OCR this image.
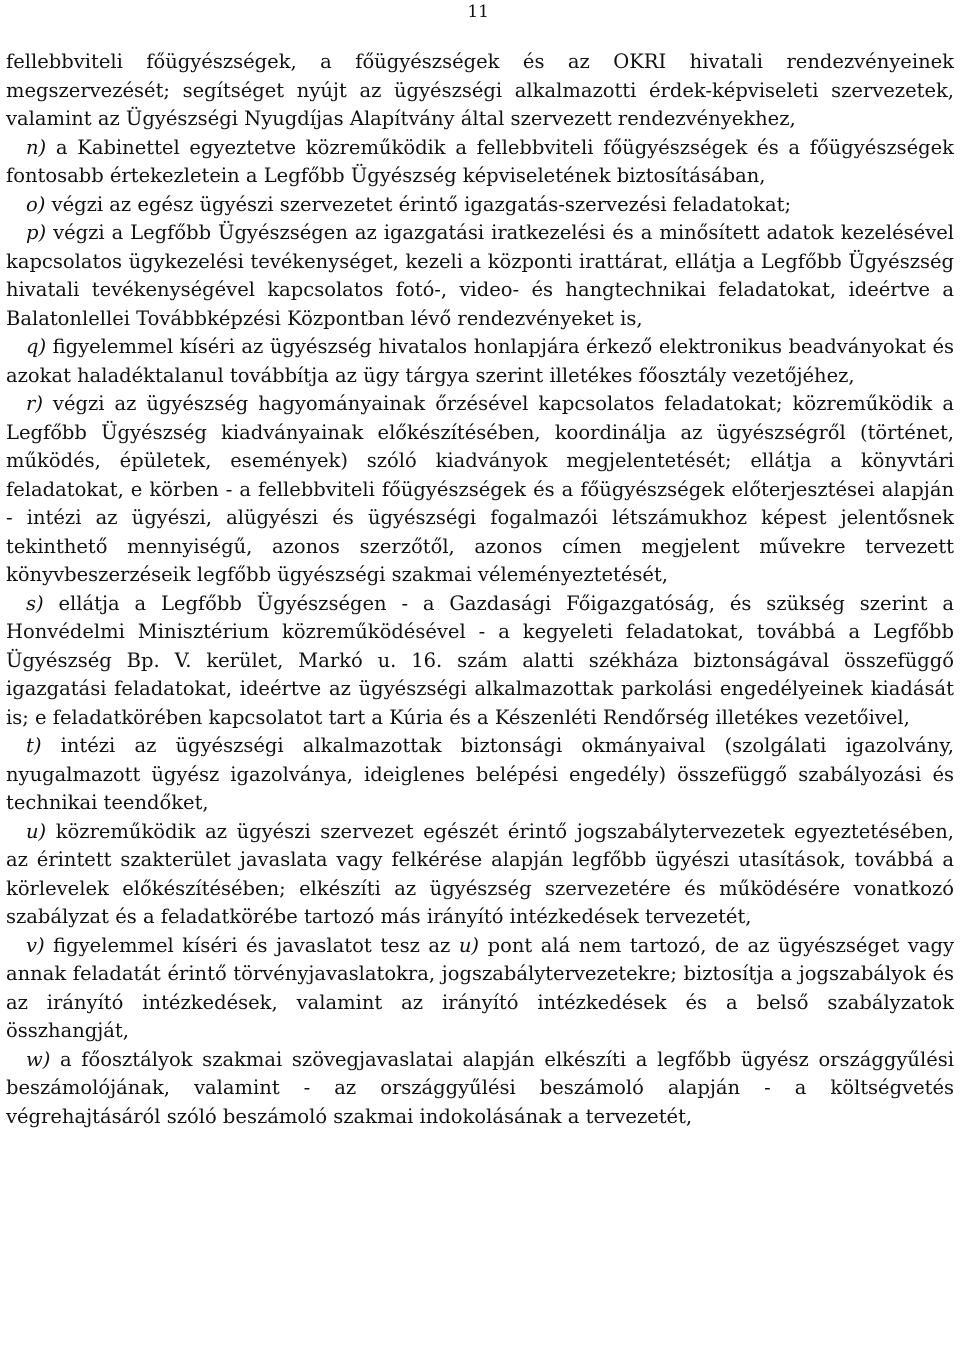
11

fellebbviteli főügyészségek, a főügyészségek és az OKRI hivatali rendezvényeinek megszervezését; segítséget nyújt az ügyészségi alkalmazotti érdek-képviseleti szervezetek, valamint az Ügyészségi Nyugdíjas Alapítvány által szervezett rendezvényekhez,

n) a Kabinettel egyeztetve közreműködik a fellebbviteli főügyészségek és a főügyészségek fontosabb értekezletein a Legfőbb Ügyészség képviseletének biztosításában,

o) végzi az egész ügyészi szervezetet érintő igazgatás-szervezési feladatokat;

p) végzi a Legfőbb Ügyészségen az igazgatási iratkezelési és a minősített adatok kezelésével kapcsolatos ügykezelési tevékenységet, kezeli a központi irattárat, ellátja a Legfőbb Ügyészség hivatali tevékenységével kapcsolatos fotó-, video- és hangtechnikai feladatokat, ideértve a Balatonlellei Továbbképzési Központban lévő rendezvényeket is,

q) figyelemmel kíséri az ügyészség hivatalos honlapjára érkező elektronikus beadványokat és azokat haladéktalanul továbbítja az ügy tárgya szerint illetékes főosztály vezetőjéhez,

r) végzi az ügyészség hagyományainak őrzésével kapcsolatos feladatokat; közreműködik a Legfőbb Ügyészség kiadványainak előkészítésében, koordinálja az ügyészségről (történet, működés, épületek, események) szóló kiadványok megjelentetését; ellátja a könyvtári feladatokat, e körben - a fellebbviteli főügyészségek és a főügyészségek előterjesztései alapján - intézi az ügyészi, alügyészi és ügyészségi fogalmazói létszámukhoz képest jelentősnek tekinthető mennyiségű, azonos szerzőtől, azonos címen megjelent művekre tervezett könyvbeszerzéseik legfőbb ügyészségi szakmai véleményeztetését,

s) ellátja a Legfőbb Ügyészségen - a Gazdasági Főigazgatóság, és szükség szerint a Honvédelmi Minisztérium közreműködésével - a kegyeleti feladatokat, továbbá a Legfőbb Ügyészség Bp. V. kerület, Markó u. 16. szám alatti székháza biztonságával összefüggő igazgatási feladatokat, ideértve az ügyészségi alkalmazottak parkolási engedélyeinek kiadását is; e feladatkörében kapcsolatot tart a Kúria és a Készenléti Rendőrség illetékes vezetőivel,

t) intézi az ügyészségi alkalmazottak biztonsági okmányaival (szolgálati igazolvány, nyugalmazott ügyész igazolványa, ideiglenes belépési engedély) összefüggő szabályozási és technikai teendőket,

u) közreműködik az ügyészi szervezet egészét érintő jogszabálytervezetek egyeztetésében, az érintett szakterület javaslata vagy felkérése alapján legfőbb ügyészi utasítások, továbbá a körlevelek előkészítésében; elkészíti az ügyészség szervezetére és működésére vonatkozó szabályzat és a feladatkörébe tartozó más irányító intézkedések tervezetét,

v) figyelemmel kíséri és javaslatot tesz az u) pont alá nem tartozó, de az ügyészséget vagy annak feladatát érintő törvényjavaslatokra, jogszabálytervezetekre; biztosítja a jogszabályok és az irányító intézkedések, valamint az irányító intézkedések és a belső szabályzatok összhangját,

w) a főosztályok szakmai szövegjavaslatai alapján elkészíti a legfőbb ügyész országgyűlési beszámolójának, valamint - az országgyűlési beszámoló alapján - a költségvetés végrehajtásáról szóló beszámoló szakmai indokolásának a tervezetét,
